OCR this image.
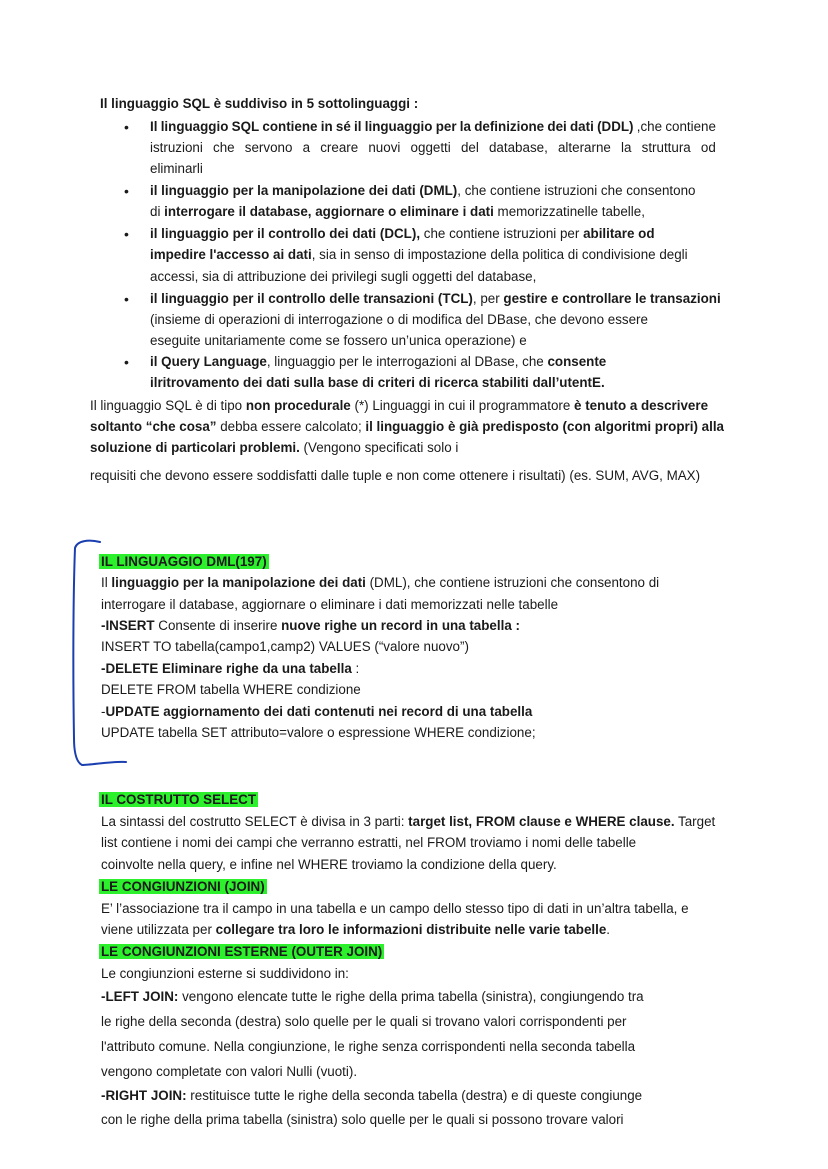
Il linguaggio SQL è suddiviso in 5 sottolinguaggi :
• Il linguaggio SQL contiene in sé il linguaggio per la definizione dei dati (DDL) ,che contiene
istruzioni che servono a creare nuovi oggetti del database, alterarne la struttura od
eliminarli
• il linguaggio per la manipolazione dei dati (DML), che contiene istruzioni che consentono
di interrogare il database, aggiornare o eliminare i dati memorizzatinelle tabelle,
• il linguaggio per il controllo dei dati (DCL), che contiene istruzioni per abilitare od
impedire l'accesso ai dati, sia in senso di impostazione della politica di condivisione degli
accessi, sia di attribuzione dei privilegi sugli oggetti del database,
• il linguaggio per il controllo delle transazioni (TCL), per gestire e controllare le transazioni
(insieme di operazioni di interrogazione o di modifica del DBase, che devono essere
eseguite unitariamente come se fossero un’unica operazione) e
• il Query Language, linguaggio per le interrogazioni al DBase, che consente
ilritrovamento dei dati sulla base di criteri di ricerca stabiliti dall’utentE.
Il linguaggio SQL è di tipo non procedurale (*) Linguaggi in cui il programmatore è tenuto a descrivere
soltanto “che cosa” debba essere calcolato; il linguaggio è già predisposto (con algoritmi propri) alla
soluzione di particolari problemi. (Vengono specificati solo i
requisiti che devono essere soddisfatti dalle tuple e non come ottenere i risultati) (es. SUM, AVG, MAX)
IL LINGUAGGIO DML(197)
Il linguaggio per la manipolazione dei dati (DML), che contiene istruzioni che consentono di
interrogare il database, aggiornare o eliminare i dati memorizzati nelle tabelle
-INSERT Consente di inserire nuove righe un record in una tabella :
INSERT TO tabella(campo1,camp2) VALUES (“valore nuovo”)
-DELETE Eliminare righe da una tabella :
DELETE FROM tabella WHERE condizione
-UPDATE aggiornamento dei dati contenuti nei record di una tabella
UPDATE tabella SET attributo=valore o espressione WHERE condizione;
IL COSTRUTTO SELECT
La sintassi del costrutto SELECT è divisa in 3 parti: target list, FROM clause e WHERE clause. Target
list contiene i nomi dei campi che verranno estratti, nel FROM troviamo i nomi delle tabelle
coinvolte nella query, e infine nel WHERE troviamo la condizione della query.
LE CONGIUNZIONI (JOIN)
E’ l’associazione tra il campo in una tabella e un campo dello stesso tipo di dati in un’altra tabella, e
viene utilizzata per collegare tra loro le informazioni distribuite nelle varie tabelle.
LE CONGIUNZIONI ESTERNE (OUTER JOIN)
Le congiunzioni esterne si suddividono in:
-LEFT JOIN: vengono elencate tutte le righe della prima tabella (sinistra), congiungendo tra
le righe della seconda (destra) solo quelle per le quali si trovano valori corrispondenti per
l'attributo comune. Nella congiunzione, le righe senza corrispondenti nella seconda tabella
vengono completate con valori Nulli (vuoti).
-RIGHT JOIN: restituisce tutte le righe della seconda tabella (destra) e di queste congiunge
con le righe della prima tabella (sinistra) solo quelle per le quali si possono trovare valori
